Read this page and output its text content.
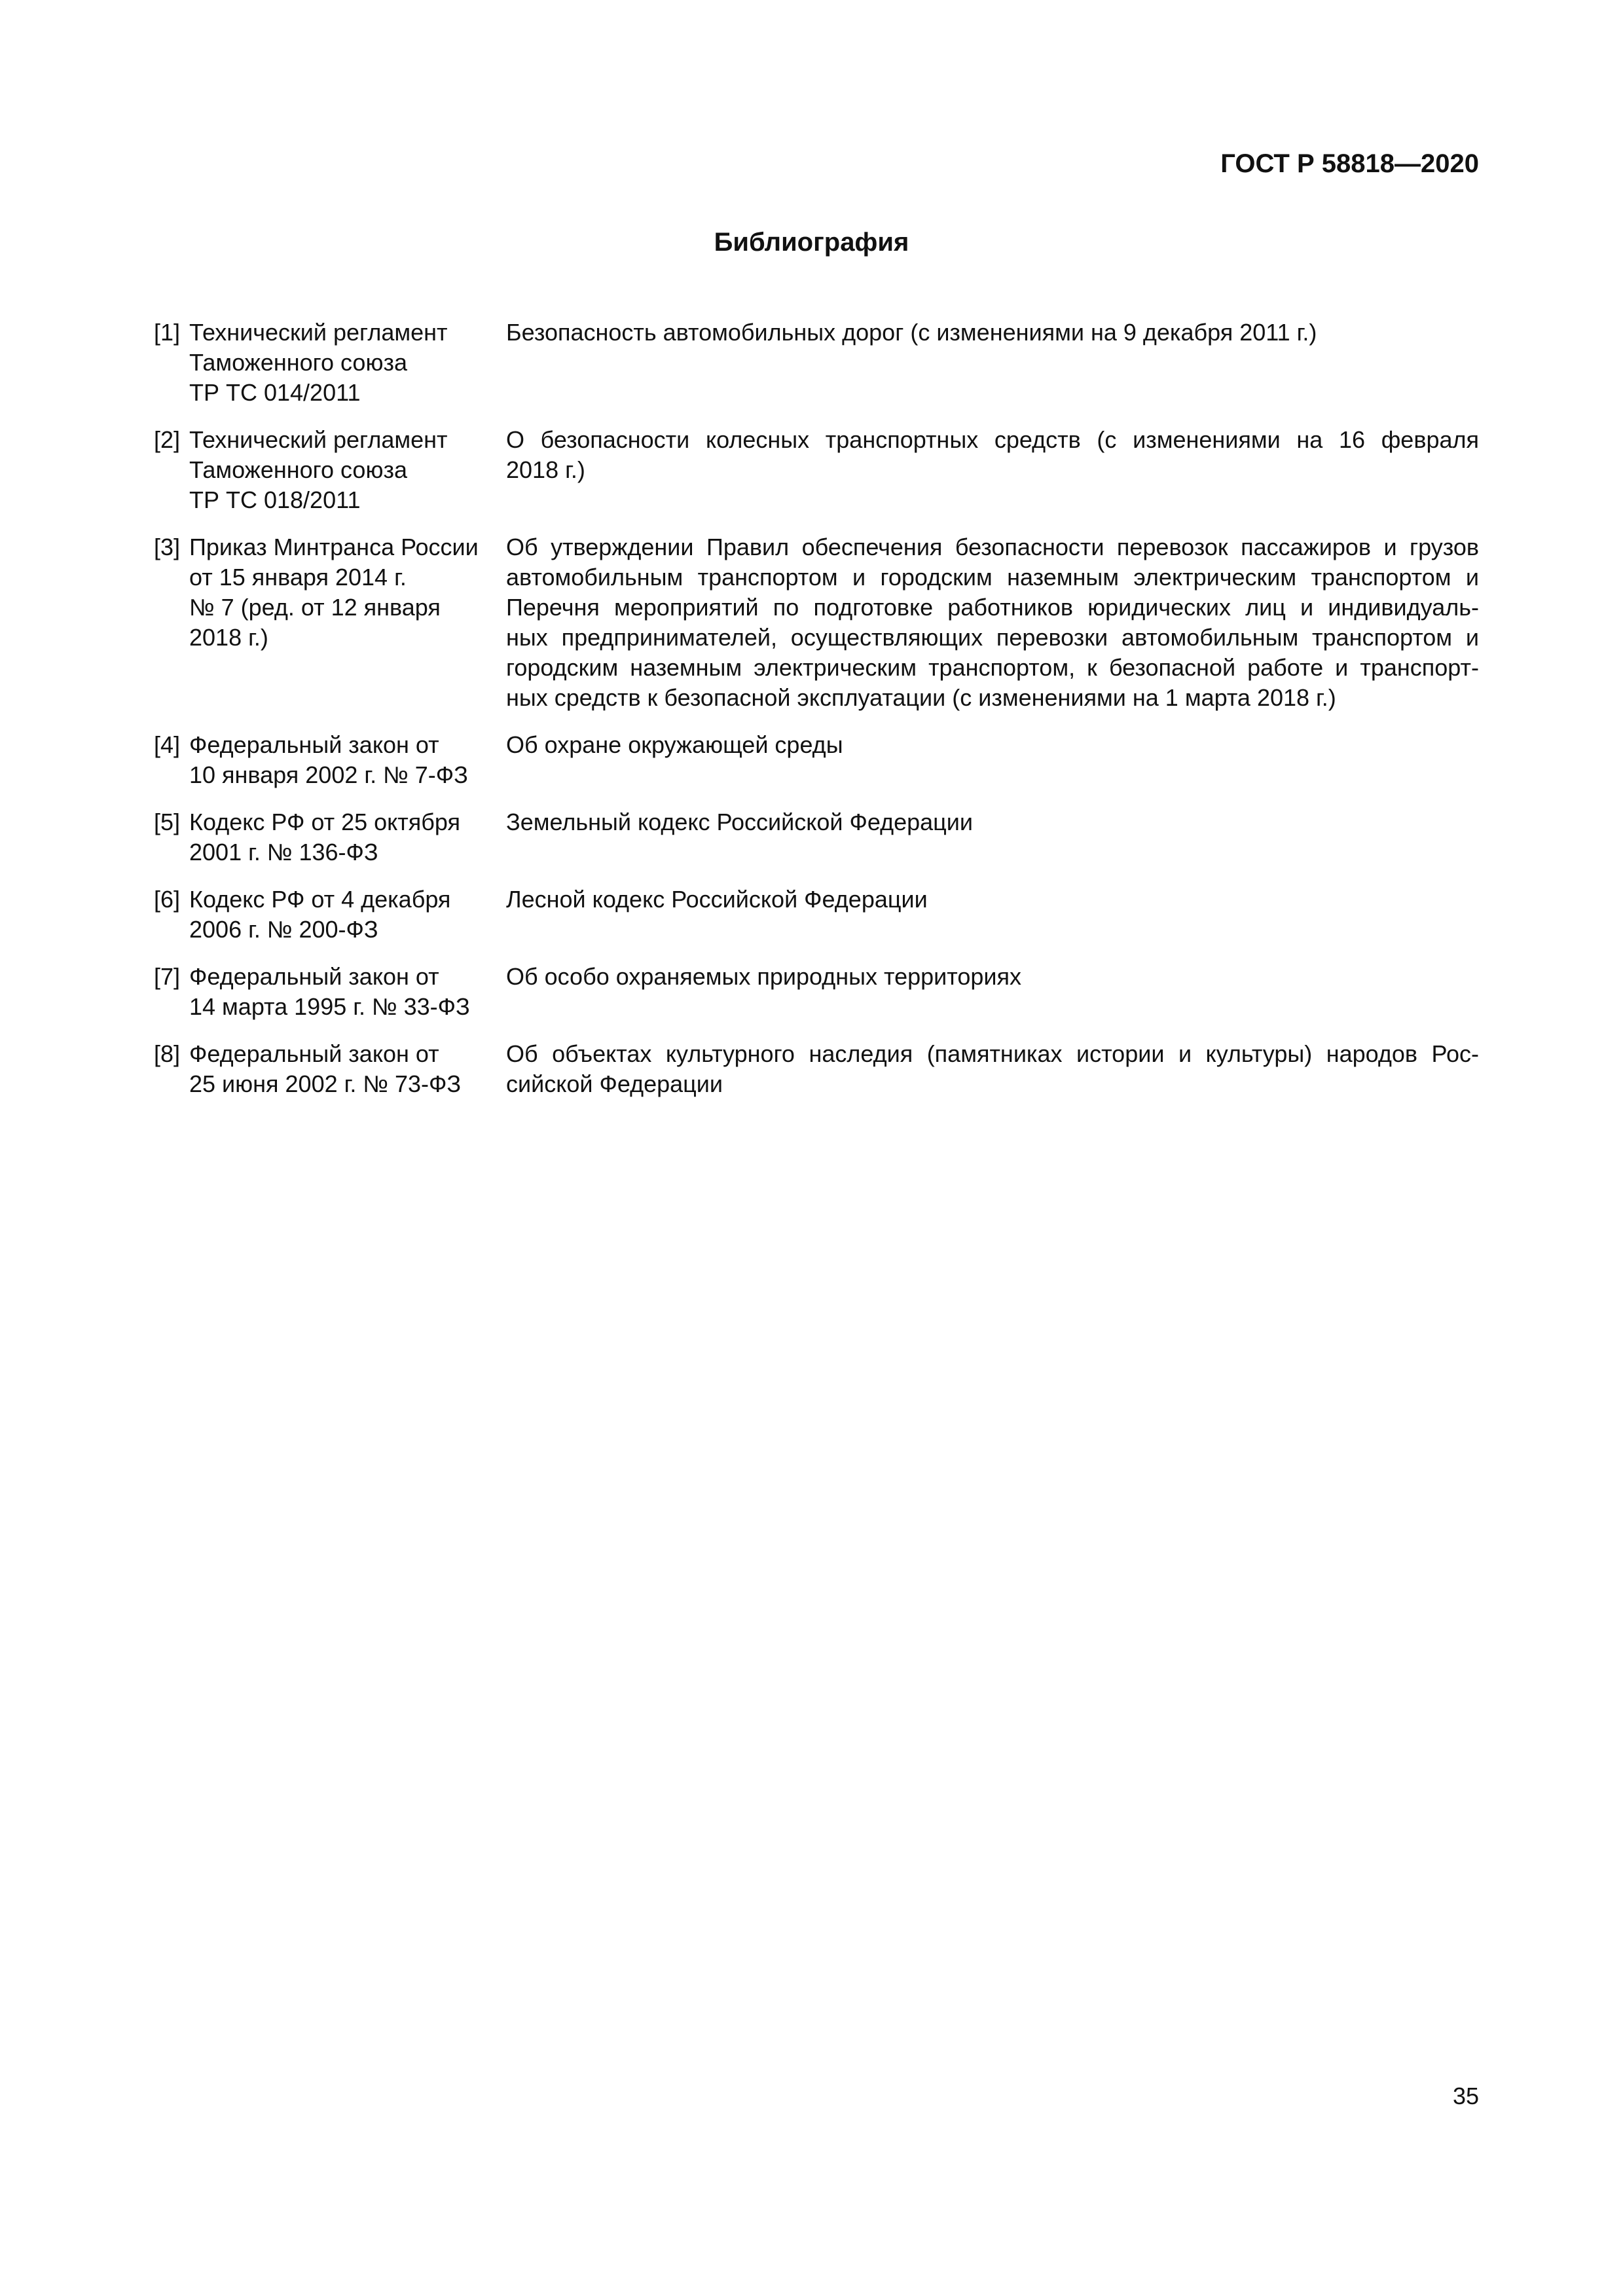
ГОСТ Р 58818—2020

Библиография
[1] Технический регламент
Таможенного союза
ТР ТС 014/2011
Безопасность автомобильных дорог (с изменениями на 9 декабря 2011 г.)
[2] Технический регламент
Таможенного союза
ТР ТС 018/2011
О безопасности колесных транспортных средств (с изменениями на 16 февраля
2018 г.)
[3] Приказ Минтранса России
от 15 января 2014 г.
№ 7 (ред. от 12 января
2018 г.)
Об утверждении Правил обеспечения безопасности перевозок пассажиров и грузов
автомобильным транспортом и городским наземным электрическим транспортом и
Перечня мероприятий по подготовке работников юридических лиц и индивидуаль-
ных предпринимателей, осуществляющих перевозки автомобильным транспортом и
городским наземным электрическим транспортом, к безопасной работе и транспорт-
ных средств к безопасной эксплуатации (с изменениями на 1 марта 2018 г.)
[4] Федеральный закон от
10 января 2002 г. № 7-ФЗ
Об охране окружающей среды
[5] Кодекс РФ от 25 октября
2001 г. № 136-ФЗ
Земельный кодекс Российской Федерации
[6] Кодекс РФ от 4 декабря
2006 г. № 200-ФЗ
Лесной кодекс Российской Федерации
[7] Федеральный закон от
14 марта 1995 г. № 33-ФЗ
Об особо охраняемых природных территориях
[8] Федеральный закон от
25 июня 2002 г. № 73-ФЗ
Об объектах культурного наследия (памятниках истории и культуры) народов Рос-
сийской Федерации

35
